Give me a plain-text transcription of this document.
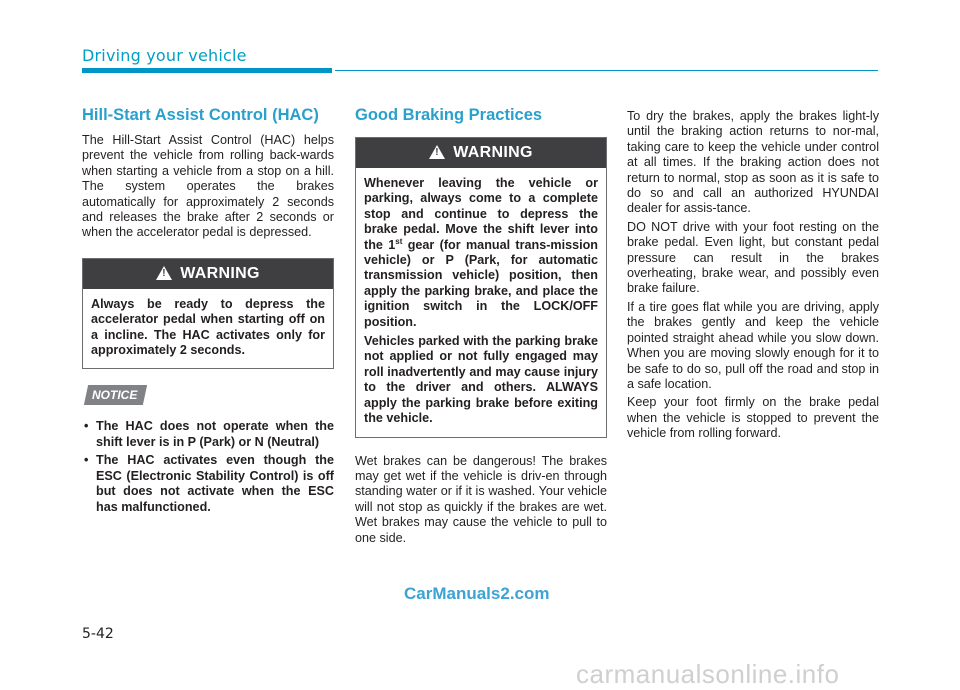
Driving your vehicle
Hill-Start Assist Control (HAC)

The Hill-Start Assist Control (HAC) helps prevent the vehicle from rolling back-wards when starting a vehicle from a stop on a hill. The system operates the brakes automatically for approximately 2 seconds and releases the brake after 2 seconds or when the accelerator pedal is depressed.

!
WARNING

Always be ready to depress the accelerator pedal when starting off on a incline. The HAC activates only for approximately 2 seconds.

NOTICE
• The HAC does not operate when the shift lever is in P (Park) or N (Neutral)
• The HAC activates even though the ESC (Electronic Stability Control) is off but does not activate when the ESC has malfunctioned.
Good Braking Practices
!
WARNING

Whenever leaving the vehicle or parking, always come to a complete stop and continue to depress the brake pedal. Move the shift lever into the 1st gear (for manual trans-mission vehicle) or P (Park, for automatic transmission vehicle) position, then apply the parking brake, and place the ignition switch in the LOCK/OFF position.

Vehicles parked with the parking brake not applied or not fully engaged may roll inadvertently and may cause injury to the driver and others. ALWAYS apply the parking brake before exiting the vehicle.

Wet brakes can be dangerous! The brakes may get wet if the vehicle is driv-en through standing water or if it is washed. Your vehicle will not stop as quickly if the brakes are wet. Wet brakes may cause the vehicle to pull to one side.

To dry the brakes, apply the brakes light-ly until the braking action returns to nor-mal, taking care to keep the vehicle under control at all times. If the braking action does not return to normal, stop as soon as it is safe to do so and call an authorized HYUNDAI dealer for assis-tance.

DO NOT drive with your foot resting on the brake pedal. Even light, but constant pedal pressure can result in the brakes overheating, brake wear, and possibly even brake failure.

If a tire goes flat while you are driving, apply the brakes gently and keep the vehicle pointed straight ahead while you slow down. When you are moving slowly enough for it to be safe to do so, pull off the road and stop in a safe location.

Keep your foot firmly on the brake pedal when the vehicle is stopped to prevent the vehicle from rolling forward.

CarManuals2.com
5-42
carmanualsonline.info
